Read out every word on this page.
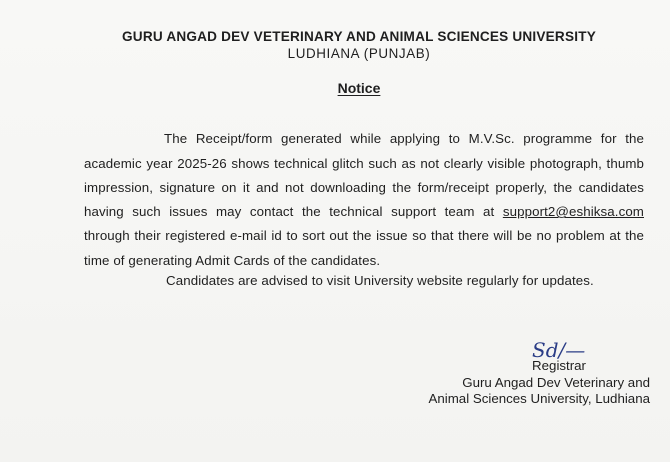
GURU ANGAD DEV VETERINARY AND ANIMAL SCIENCES UNIVERSITY
LUDHIANA (PUNJAB)
Notice

The Receipt/form generated while applying to M.V.Sc. programme for the academic year 2025-26 shows technical glitch such as not clearly visible photograph, thumb impression, signature on it and not downloading the form/receipt properly, the candidates having such issues may contact the technical support team at support2@eshiksa.com through their registered e-mail id to sort out the issue so that there will be no problem at the time of generating Admit Cards of the candidates.

Candidates are advised to visit University website regularly for updates.
Sd/—
Registrar
Guru Angad Dev Veterinary and
Animal Sciences University, Ludhiana
